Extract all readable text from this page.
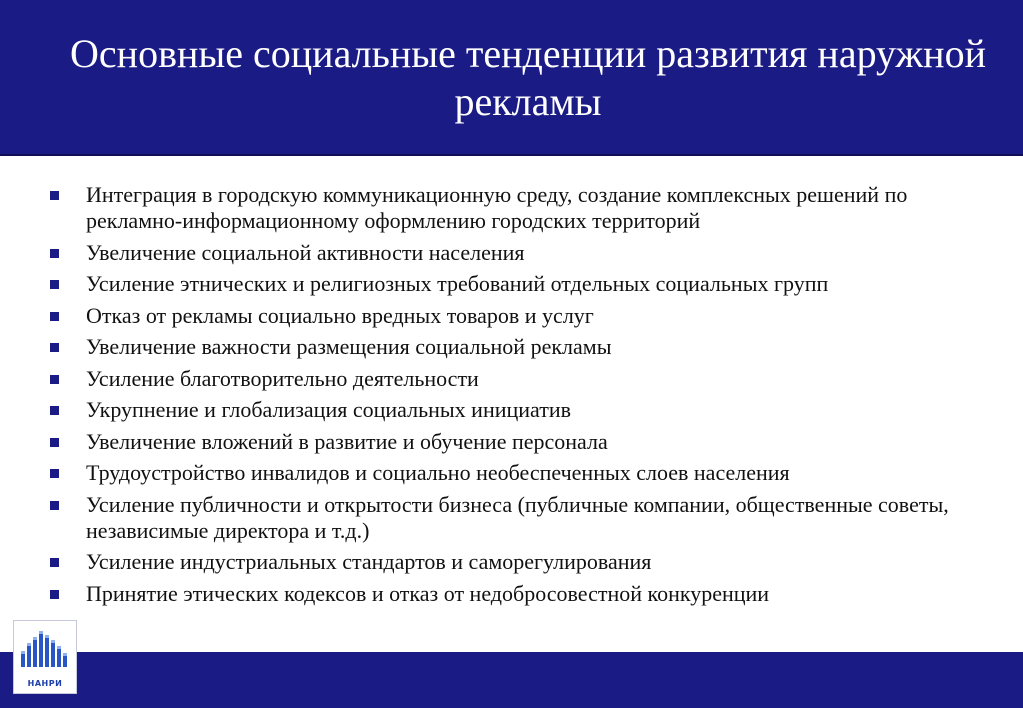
Основные социальные тенденции развития наружной рекламы
Интеграция в городскую коммуникационную среду, создание комплексных решений по рекламно-информационному оформлению городских территорий
Увеличение социальной активности населения
Усиление этнических и религиозных требований отдельных социальных групп
Отказ от рекламы социально вредных товаров и услуг
Увеличение важности размещения социальной рекламы
Усиление благотворительно деятельности
Укрупнение и глобализация социальных инициатив
Увеличение вложений в развитие и обучение персонала
Трудоустройство инвалидов и социально необеспеченных слоев населения
Усиление публичности и открытости бизнеса (публичные компании, общественные советы, независимые директора и т.д.)
Усиление индустриальных стандартов и саморегулирования
Принятие этических кодексов и отказ от недобросовестной конкуренции
НАНРИ
